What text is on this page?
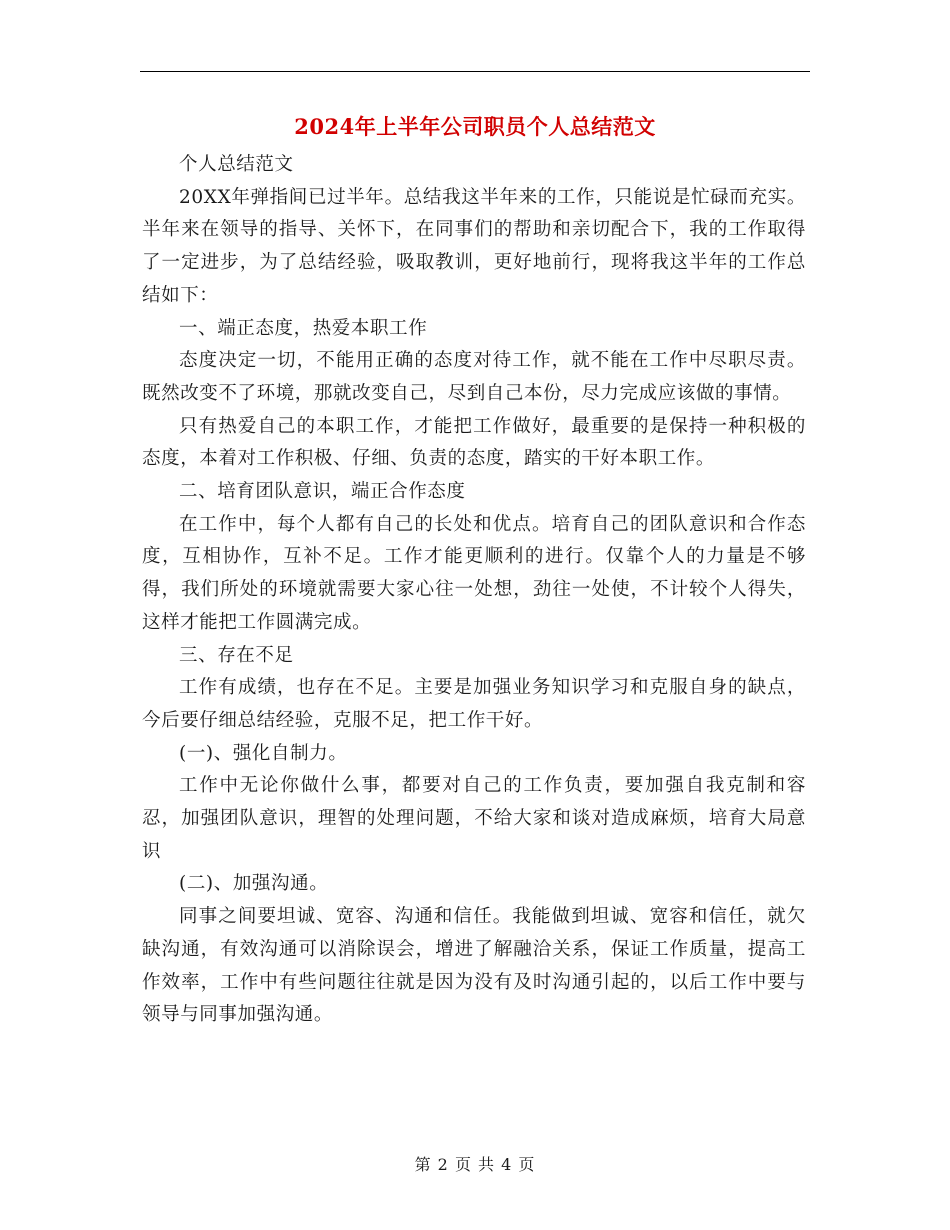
2024年上半年公司职员个人总结范文

个人总结范文

20XX年弹指间已过半年。总结我这半年来的工作，只能说是忙碌而充实。半年来在领导的指导、关怀下，在同事们的帮助和亲切配合下，我的工作取得了一定进步，为了总结经验，吸取教训，更好地前行，现将我这半年的工作总结如下：

一、端正态度，热爱本职工作

态度决定一切，不能用正确的态度对待工作，就不能在工作中尽职尽责。既然改变不了环境，那就改变自己，尽到自己本份，尽力完成应该做的事情。

只有热爱自己的本职工作，才能把工作做好，最重要的是保持一种积极的态度，本着对工作积极、仔细、负责的态度，踏实的干好本职工作。

二、培育团队意识，端正合作态度

在工作中，每个人都有自己的长处和优点。培育自己的团队意识和合作态度，互相协作，互补不足。工作才能更顺利的进行。仅靠个人的力量是不够得，我们所处的环境就需要大家心往一处想，劲往一处使，不计较个人得失，这样才能把工作圆满完成。

三、存在不足

工作有成绩，也存在不足。主要是加强业务知识学习和克服自身的缺点，今后要仔细总结经验，克服不足，把工作干好。

(一)、强化自制力。

工作中无论你做什么事，都要对自己的工作负责，要加强自我克制和容忍，加强团队意识，理智的处理问题，不给大家和谈对造成麻烦，培育大局意识

(二)、加强沟通。

同事之间要坦诚、宽容、沟通和信任。我能做到坦诚、宽容和信任，就欠缺沟通，有效沟通可以消除误会，增进了解融洽关系，保证工作质量，提高工作效率，工作中有些问题往往就是因为没有及时沟通引起的，以后工作中要与领导与同事加强沟通。

第 2 页 共 4 页
